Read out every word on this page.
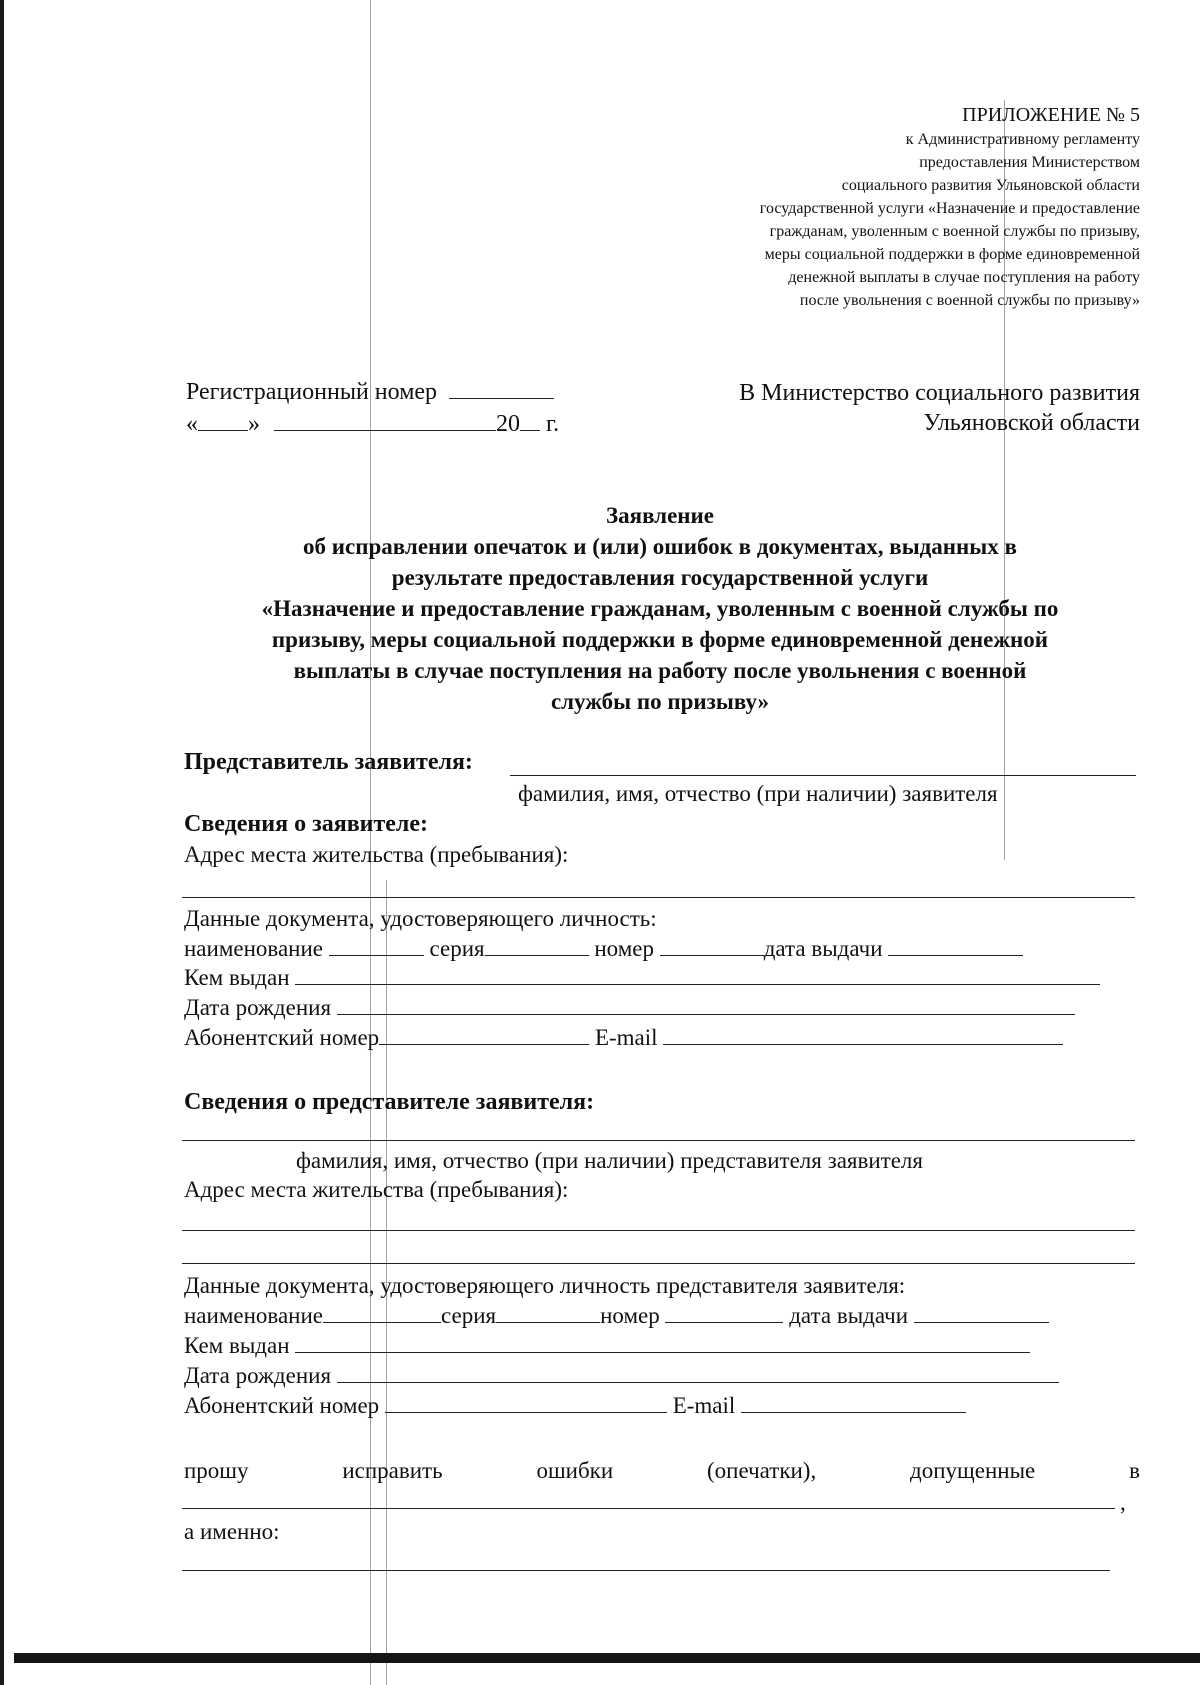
ПРИЛОЖЕНИЕ № 5
к Административному регламенту
предоставления Министерством
социального развития Ульяновской области
государственной услуги «Назначение и предоставление
гражданам, уволенным с военной службы по призыву,
меры социальной поддержки в форме единовременной
денежной выплаты в случае поступления на работу
после увольнения с военной службы по призыву»
Регистрационный номер
« »	20 г.
В Министерство социального развития
Ульяновской области
Заявление
об исправлении опечаток и (или) ошибок в документах, выданных в
результате предоставления государственной услуги
«Назначение и предоставление гражданам, уволенным с военной службы по
призыву, меры социальной поддержки в форме единовременной денежной
выплаты в случае поступления на работу после увольнения с военной
службы по призыву»
Представитель заявителя:
фамилия, имя, отчество (при наличии) заявителя
Сведения о заявителе:
Адрес места жительства (пребывания):
Данные документа, удостоверяющего личность:
наименование	серия	номер	дата выдачи
Кем выдан
Дата рождения
Абонентский номер	E-mail
Сведения о представителе заявителя:
фамилия, имя, отчество (при наличии) представителя заявителя
Адрес места жительства (пребывания):
Данные документа, удостоверяющего личность представителя заявителя:
наименование	серия	номер	дата выдачи
Кем выдан
Дата рождения
Абонентский номер	E-mail
прошу	исправить	ошибки	(опечатки),	допущенные	в
,
а именно:
